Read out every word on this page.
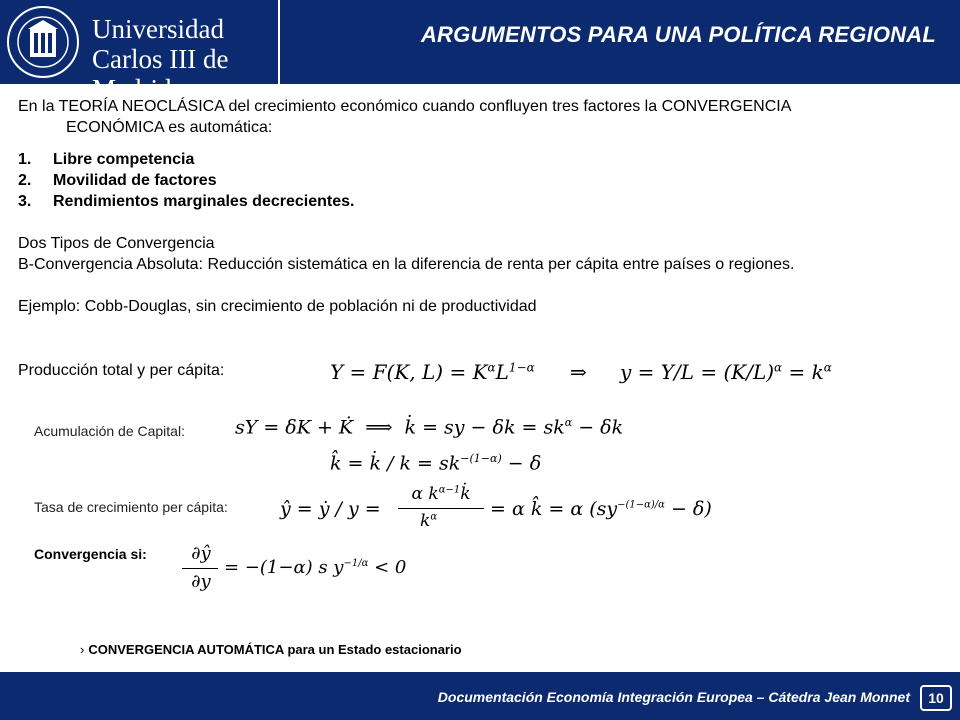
Universidad
Carlos III de Madrid
ARGUMENTOS PARA UNA POLÍTICA REGIONAL

En la TEORÍA NEOCLÁSICA del crecimiento económico cuando confluyen tres factores la CONVERGENCIA
ECONÓMICA es automática:

1. Libre competencia
2. Movilidad de factores
3. Rendimientos marginales decrecientes.

Dos Tipos de Convergencia

B-Convergencia Absoluta: Reducción sistemática en la diferencia de renta per cápita entre países o regiones.

Ejemplo: Cobb-Douglas, sin crecimiento de población ni de productividad

Producción total y per cápita:	Y = F(K, $L) = K^\alpha L^{1-\alpha}$ ⇒ $y = Y/L = (K/L)^\alpha = k^\alpha$
Acumulación de Capital:	sY = δK + K̇  ⟹  k̇ = sy − $\delta k = sk^\alpha - \delta k$
k̂ = k̇ / $k = sk^{-(1-\alpha)} - \delta$
Tasa de crecimiento per cápita:	ŷ = ẏ / y =
α $k^{\alpha-1}k̇$
$k^\alpha$	= α k̂ = α $(sy^{-(1-\alpha)/\alpha} - \delta)$
Convergencia si:	∂ŷ
∂y
= −(1−α) s $y^{-1/\alpha} < 0$
› CONVERGENCIA AUTOMÁTICA para un Estado estacionario
Documentación Economía Integración Europea – Cátedra Jean Monnet	10
